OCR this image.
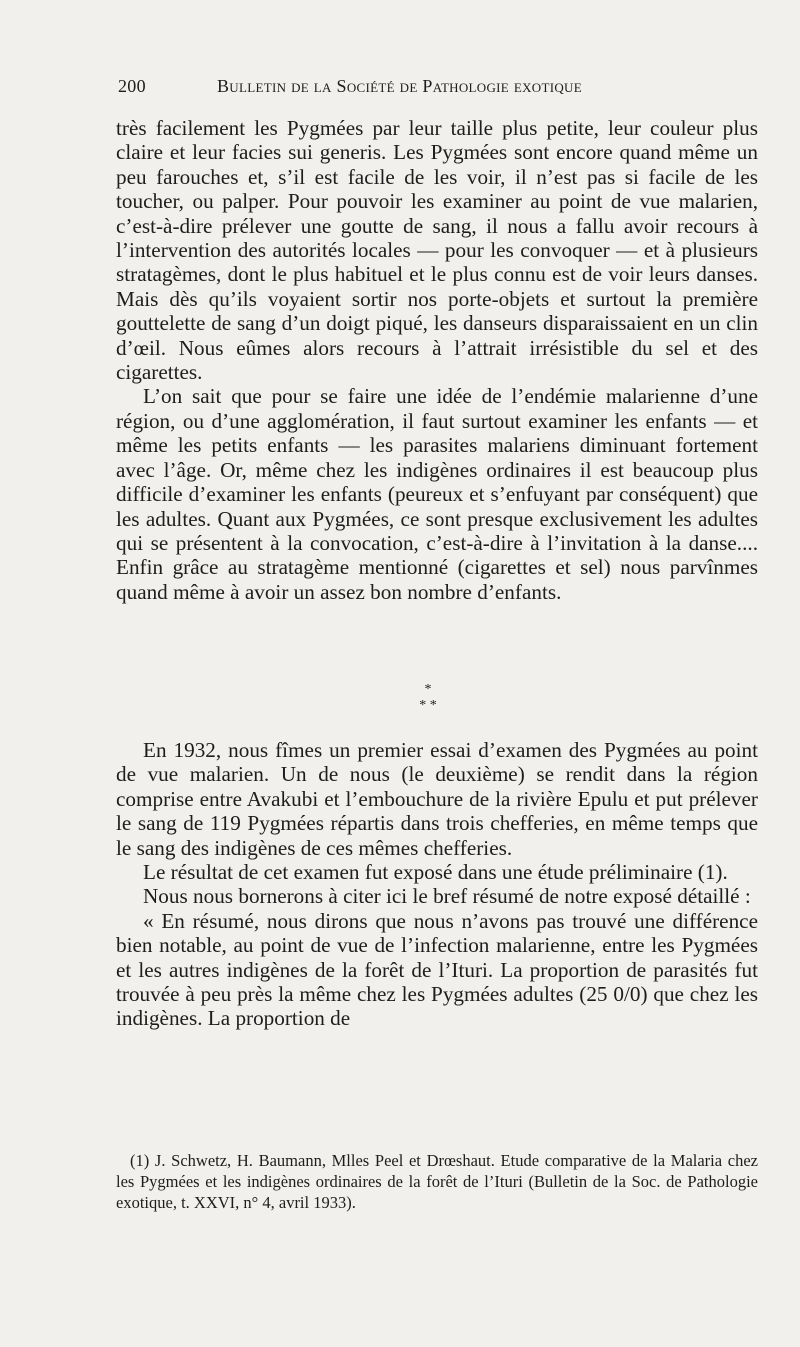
200	Bulletin de la Société de Pathologie exotique

très facilement les Pygmées par leur taille plus petite, leur couleur plus claire et leur facies sui generis. Les Pygmées sont encore quand même un peu farouches et, s’il est facile de les voir, il n’est pas si facile de les toucher, ou palper. Pour pouvoir les examiner au point de vue malarien, c’est-à-dire prélever une goutte de sang, il nous a fallu avoir recours à l’intervention des autorités locales — pour les convoquer — et à plusieurs stratagèmes, dont le plus habituel et le plus connu est de voir leurs danses. Mais dès qu’ils voyaient sortir nos porte-objets et surtout la première gouttelette de sang d’un doigt piqué, les danseurs disparaissaient en un clin d’œil. Nous eûmes alors recours à l’attrait irrésistible du sel et des cigarettes.

L’on sait que pour se faire une idée de l’endémie malarienne d’une région, ou d’une agglomération, il faut surtout examiner les enfants — et même les petits enfants — les parasites malariens diminuant fortement avec l’âge. Or, même chez les indigènes ordinaires il est beaucoup plus difficile d’examiner les enfants (peureux et s’enfuyant par conséquent) que les adultes. Quant aux Pygmées, ce sont presque exclusivement les adultes qui se présentent à la convocation, c’est-à-dire à l’invitation à la danse.... Enfin grâce au stratagème mentionné (cigarettes et sel) nous parvînmes quand même à avoir un assez bon nombre d’enfants.

*
* *

En 1932, nous fîmes un premier essai d’examen des Pygmées au point de vue malarien. Un de nous (le deuxième) se rendit dans la région comprise entre Avakubi et l’embouchure de la rivière Epulu et put prélever le sang de 119 Pygmées répartis dans trois chefferies, en même temps que le sang des indigènes de ces mêmes chefferies.

Le résultat de cet examen fut exposé dans une étude préliminaire (1).

Nous nous bornerons à citer ici le bref résumé de notre exposé détaillé :

« En résumé, nous dirons que nous n’avons pas trouvé une différence bien notable, au point de vue de l’infection malarienne, entre les Pygmées et les autres indigènes de la forêt de l’Ituri. La proportion de parasités fut trouvée à peu près la même chez les Pygmées adultes (25 0/0) que chez les indigènes. La proportion de

(1) J. Schwetz, H. Baumann, Mlles Peel et Drœshaut. Etude comparative de la Malaria chez les Pygmées et les indigènes ordinaires de la forêt de l’Ituri (Bulletin de la Soc. de Pathologie exotique, t. XXVI, n° 4, avril 1933).
